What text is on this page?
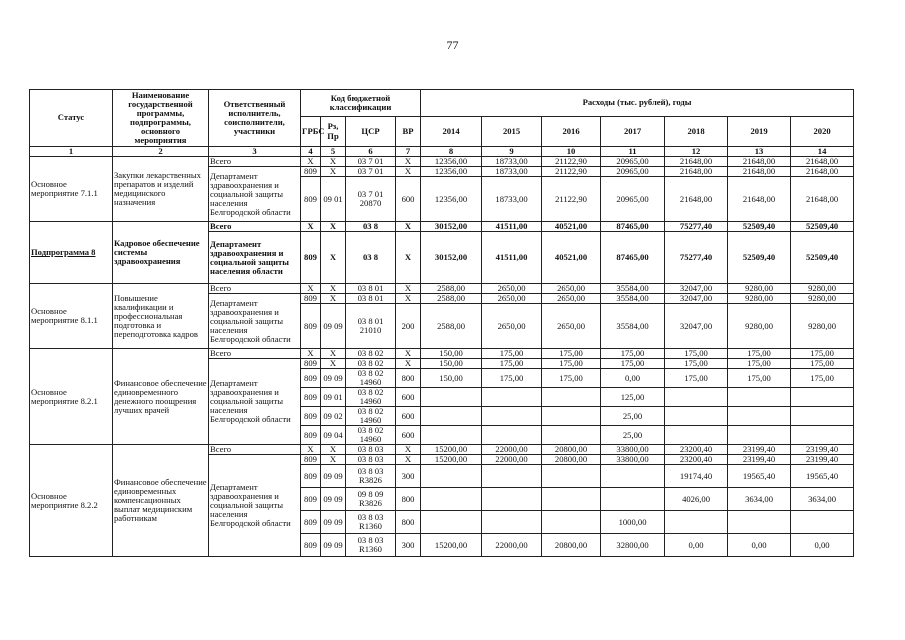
77
Статус	Наименование государственной программы, подпрограммы, основного мероприятия	Ответственный исполнитель, соисполнители, участники	Код бюджетной классификации				Расходы (тыс. рублей), годы						
			ГРБС	Рз, Пр	ЦСР	ВР	2014	2015	2016	2017	2018	2019	2020
1	2	3	4	5	6	7	8	9	10	11	12	13	14
Основное мероприятие 7.1.1	Закупки лекарственных препаратов и изделий медицинского назначения	Всего	Х	Х	03 7 01	Х	12356,00	18733,00	21122,90	20965,00	21648,00	21648,00	21648,00
		Департамент здравоохранения и социальной защиты населения Белгородской области	809	Х	03 7 01	Х	12356,00	18733,00	21122,90	20965,00	21648,00	21648,00	21648,00
			809	09 01	03 7 01 20870	600	12356,00	18733,00	21122,90	20965,00	21648,00	21648,00	21648,00
Подпрограмма 8	Кадровое обеспечение системы здравоохранения	Всего	Х	Х	03 8	Х	30152,00	41511,00	40521,00	87465,00	75277,40	52509,40	52509,40
		Департамент здравоохранения и социальной защиты населения области	809	Х	03 8	Х	30152,00	41511,00	40521,00	87465,00	75277,40	52509,40	52509,40
Основное мероприятие 8.1.1	Повышение квалификации и профессиональная подготовка и переподготовка кадров	Всего	Х	Х	03 8 01	Х	2588,00	2650,00	2650,00	35584,00	32047,00	9280,00	9280,00
		Департамент здравоохранения и социальной защиты населения Белгородской области	809	Х	03 8 01	Х	2588,00	2650,00	2650,00	35584,00	32047,00	9280,00	9280,00
			809	09 09	03 8 01 21010	200	2588,00	2650,00	2650,00	35584,00	32047,00	9280,00	9280,00
Основное мероприятие 8.2.1	Финансовое обеспечение единовременного денежного поощрения лучших врачей	Всего	Х	Х	03 8 02	Х	150,00	175,00	175,00	175,00	175,00	175,00	175,00
		Департамент здравоохранения и социальной защиты населения Белгородской области	809	Х	03 8 02	Х	150,00	175,00	175,00	175,00	175,00	175,00	175,00
			809	09 09	03 8 02 14960	800	150,00	175,00	175,00	0,00	175,00	175,00	175,00
			809	09 01	03 8 02 14960	600				125,00			
			809	09 02	03 8 02 14960	600				25,00			
			809	09 04	03 8 02 14960	600				25,00			
Основное мероприятие 8.2.2	Финансовое обеспечение единовременных компенсационных выплат медицинским работникам	Всего	Х	Х	03 8 03	Х	15200,00	22000,00	20800,00	33800,00	23200,40	23199,40	23199,40
		Департамент здравоохранения и социальной защиты населения Белгородской области	809	Х	03 8 03	Х	15200,00	22000,00	20800,00	33800,00	23200,40	23199,40	23199,40
			809	09 09	03 8 03 R3826	300					19174,40	19565,40	19565,40
			809	09 09	09 8 09 R3826	800					4026,00	3634,00	3634,00
			809	09 09	03 8 03 R1360	800				1000,00			
			809	09 09	03 8 03 R1360	300	15200,00	22000,00	20800,00	32800,00	0,00	0,00	0,00
